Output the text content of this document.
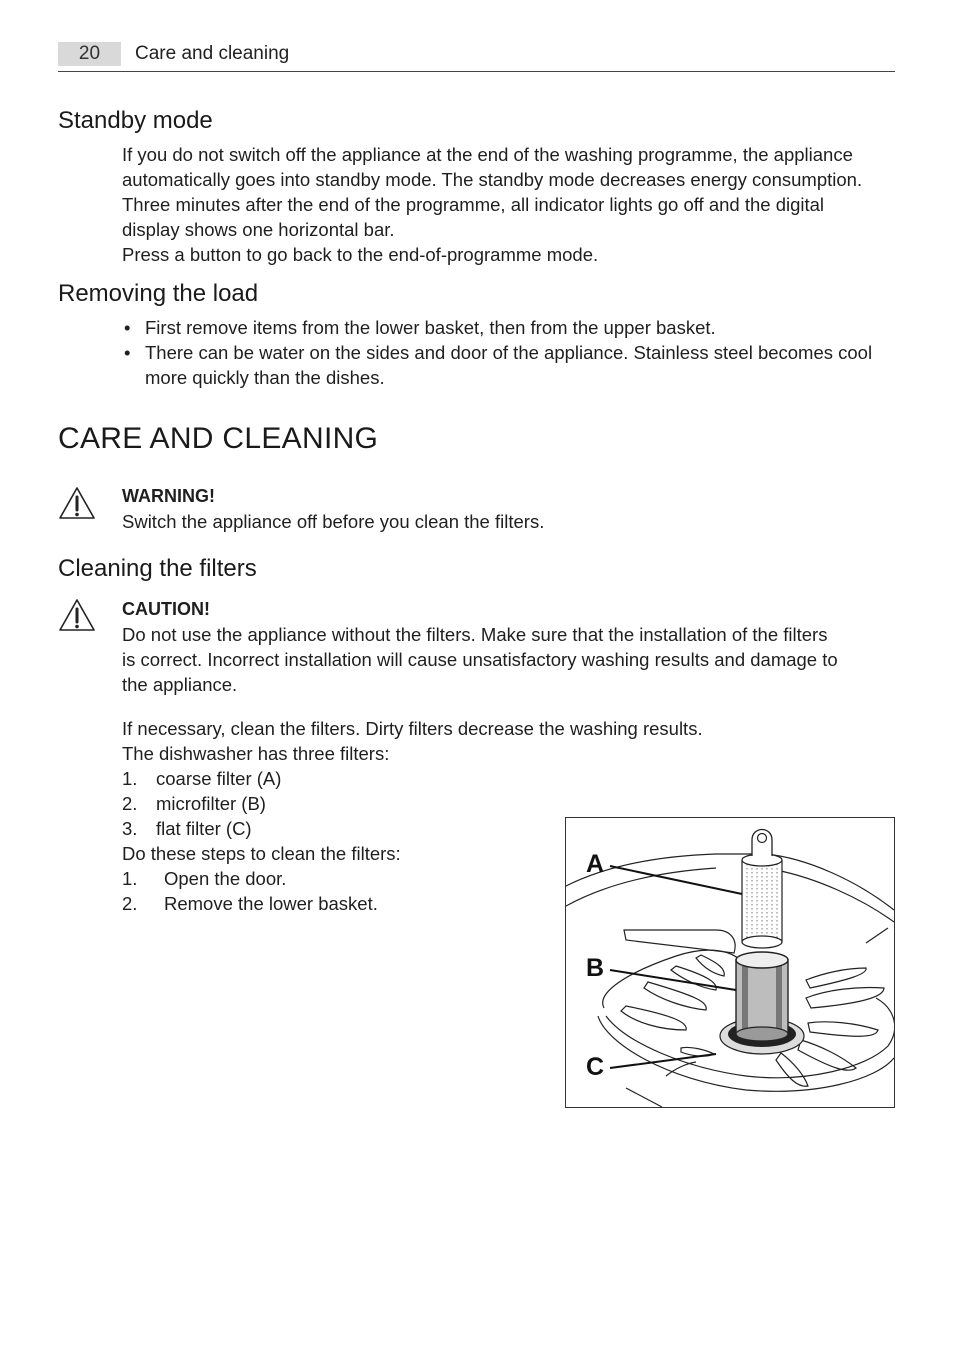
20	Care and cleaning
Standby mode
If you do not switch off the appliance at the end of the washing programme, the appliance
automatically goes into standby mode. The standby mode decreases energy consumption.
Three minutes after the end of the programme, all indicator lights go off and the digital
display shows one horizontal bar.
Press a button to go back to the end-of-programme mode.
Removing the load
• First remove items from the lower basket, then from the upper basket.
• There can be water on the sides and door of the appliance. Stainless steel becomes cool
more quickly than the dishes.
CARE AND CLEANING
WARNING!
Switch the appliance off before you clean the filters.
Cleaning the filters
CAUTION!
Do not use the appliance without the filters. Make sure that the installation of the filters
is correct. Incorrect installation will cause unsatisfactory washing results and damage to
the appliance.
If necessary, clean the filters. Dirty filters decrease the washing results.
The dishwasher has three filters:
1. coarse filter (A)
2. microfilter (B)
3. flat filter (C)
Do these steps to clean the filters:
1. Open the door.
2. Remove the lower basket.
A
B
C
